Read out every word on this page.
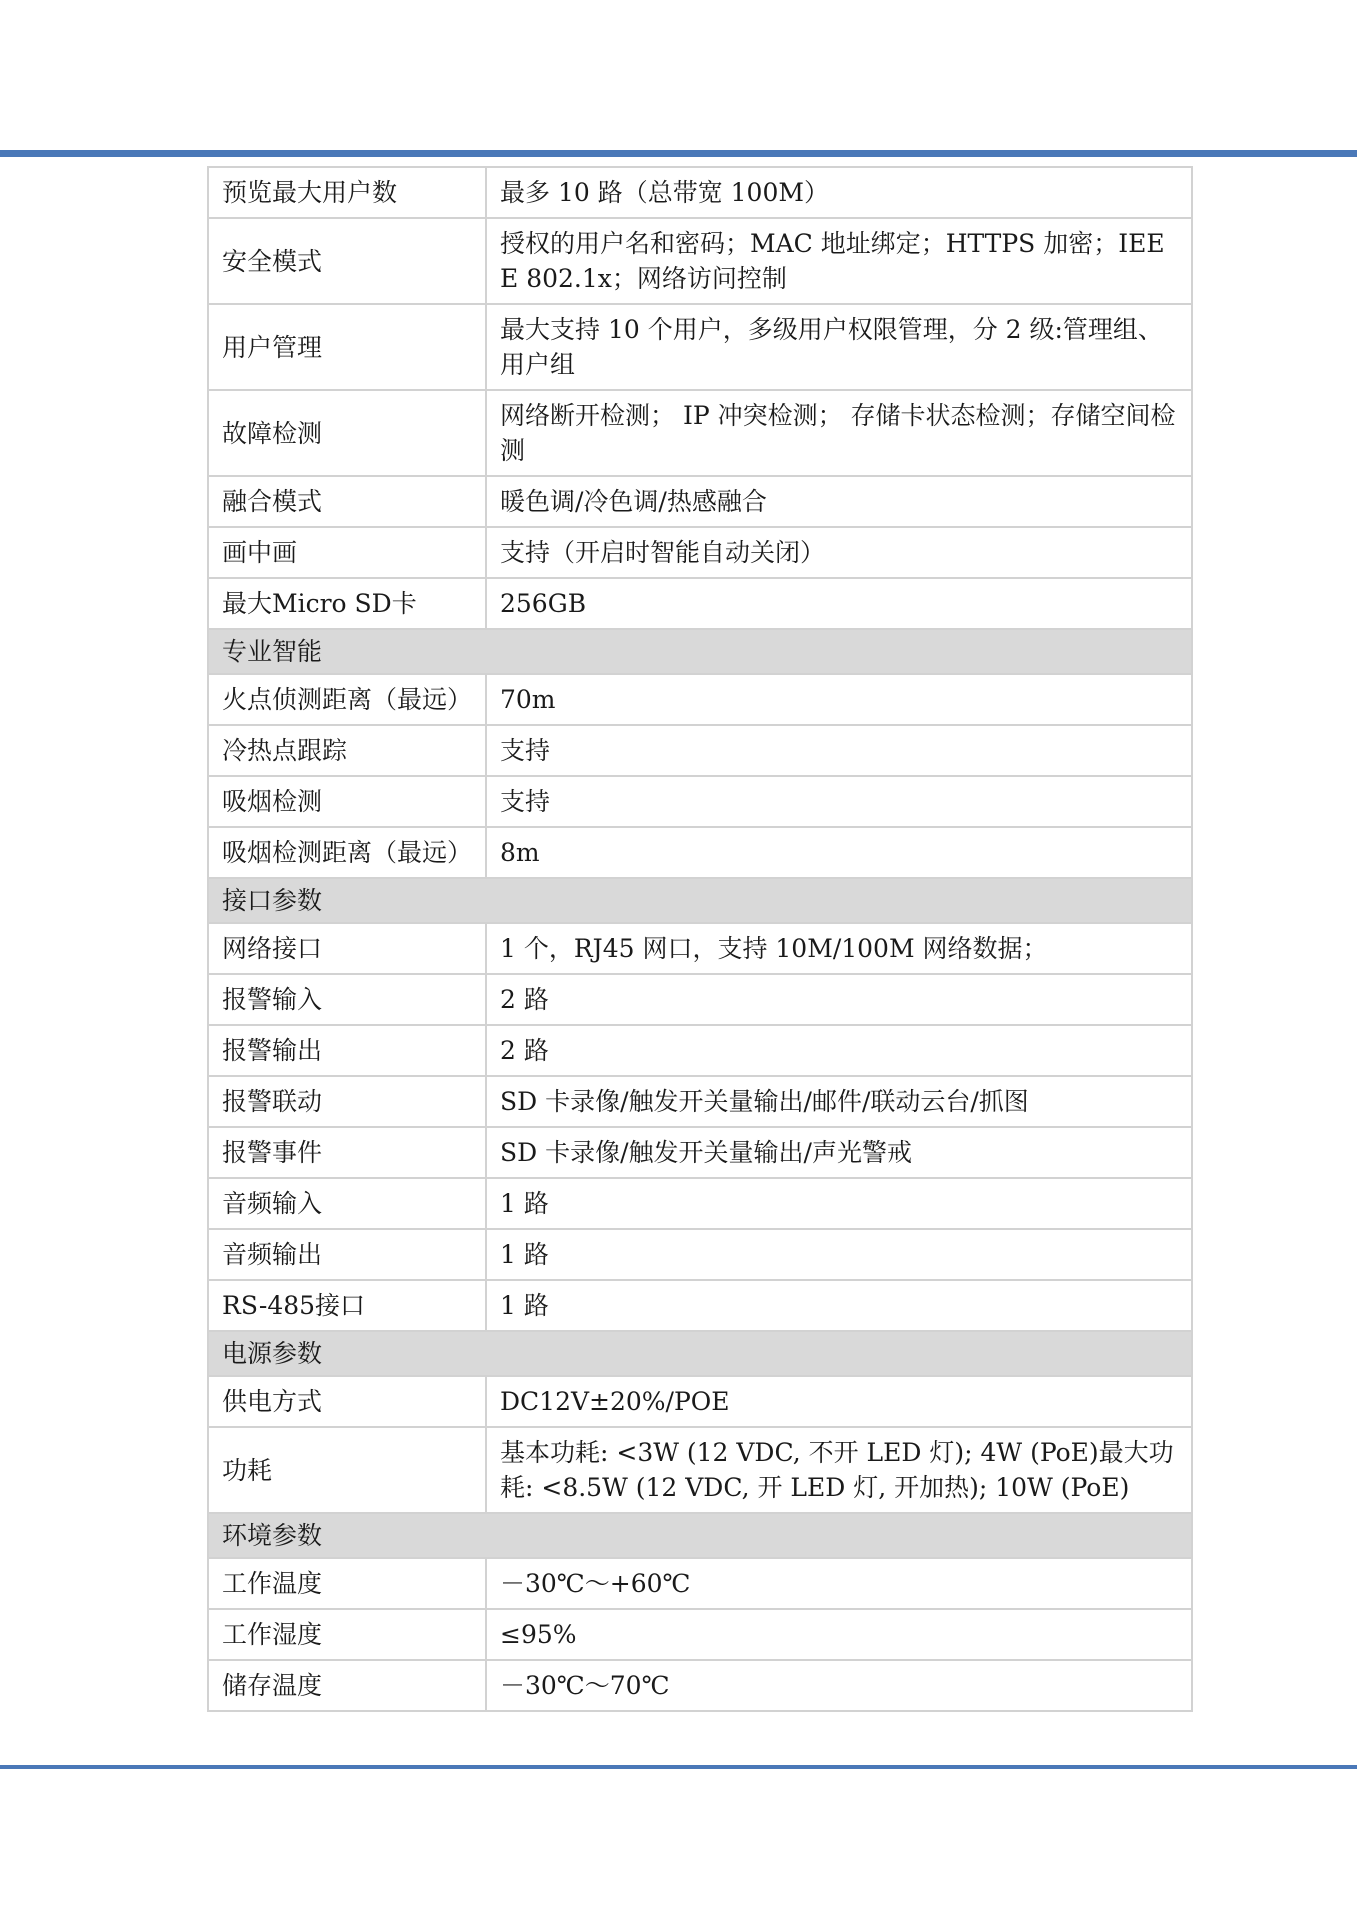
预览最大用户数	最多 10 路（总带宽 100M）
安全模式	授权的用户名和密码；MAC 地址绑定；HTTPS 加密；IEEE 802.1x；网络访问控制
用户管理	最大支持 10 个用户，多级用户权限管理，分 2 级:管理组、用户组
故障检测	网络断开检测； IP 冲突检测； 存储卡状态检测；存储空间检测
融合模式	暖色调/冷色调/热感融合
画中画	支持（开启时智能自动关闭）
最大Micro SD卡	256GB
专业智能	
火点侦测距离（最远）	70m
冷热点跟踪	支持
吸烟检测	支持
吸烟检测距离（最远）	8m
接口参数	
网络接口	1 个，RJ45 网口，支持 10M/100M 网络数据；
报警输入	2 路
报警输出	2 路
报警联动	SD 卡录像/触发开关量输出/邮件/联动云台/抓图
报警事件	SD 卡录像/触发开关量输出/声光警戒
音频输入	1 路
音频输出	1 路
RS-485接口	1 路
电源参数	
供电方式	DC12V±20%/POE
功耗	基本功耗: <3W (12 VDC, 不开 LED 灯); 4W (PoE)最大功耗: <8.5W (12 VDC, 开 LED 灯, 开加热); 10W (PoE)
环境参数	
工作温度	－30℃～+60℃
工作湿度	≤95%
储存温度	－30℃～70℃
